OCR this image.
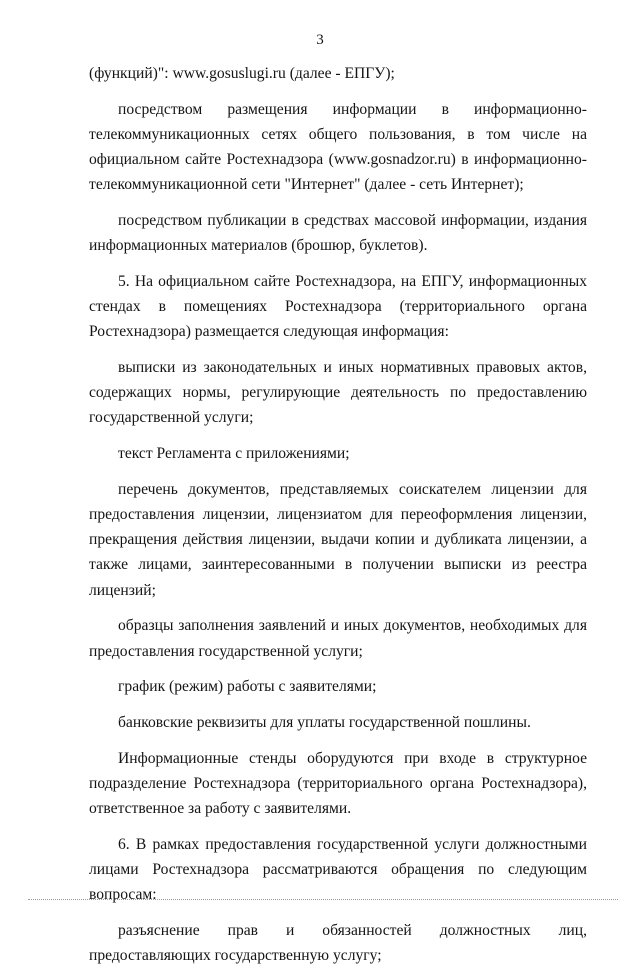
3

(функций)": www.gosuslugi.ru (далее - ЕПГУ);

посредством размещения информации в информационно-телекоммуникационных сетях общего пользования, в том числе на официальном сайте Ростехнадзора (www.gosnadzor.ru) в информационно-телекоммуникационной сети "Интернет" (далее - сеть Интернет);

посредством публикации в средствах массовой информации, издания информационных материалов (брошюр, буклетов).

5. На официальном сайте Ростехнадзора, на ЕПГУ, информационных стендах в помещениях Ростехнадзора (территориального органа Ростехнадзора) размещается следующая информация:

выписки из законодательных и иных нормативных правовых актов, содержащих нормы, регулирующие деятельность по предоставлению государственной услуги;

текст Регламента с приложениями;

перечень документов, представляемых соискателем лицензии для предоставления лицензии, лицензиатом для переоформления лицензии, прекращения действия лицензии, выдачи копии и дубликата лицензии, а также лицами, заинтересованными в получении выписки из реестра лицензий;

образцы заполнения заявлений и иных документов, необходимых для предоставления государственной услуги;

график (режим) работы с заявителями;

банковские реквизиты для уплаты государственной пошлины.

Информационные стенды оборудуются при входе в структурное подразделение Ростехнадзора (территориального органа Ростехнадзора), ответственное за работу с заявителями.

6. В рамках предоставления государственной услуги должностными лицами Ростехнадзора рассматриваются обращения по следующим вопросам:

разъяснение прав и обязанностей должностных лиц, предоставляющих государственную услугу;
